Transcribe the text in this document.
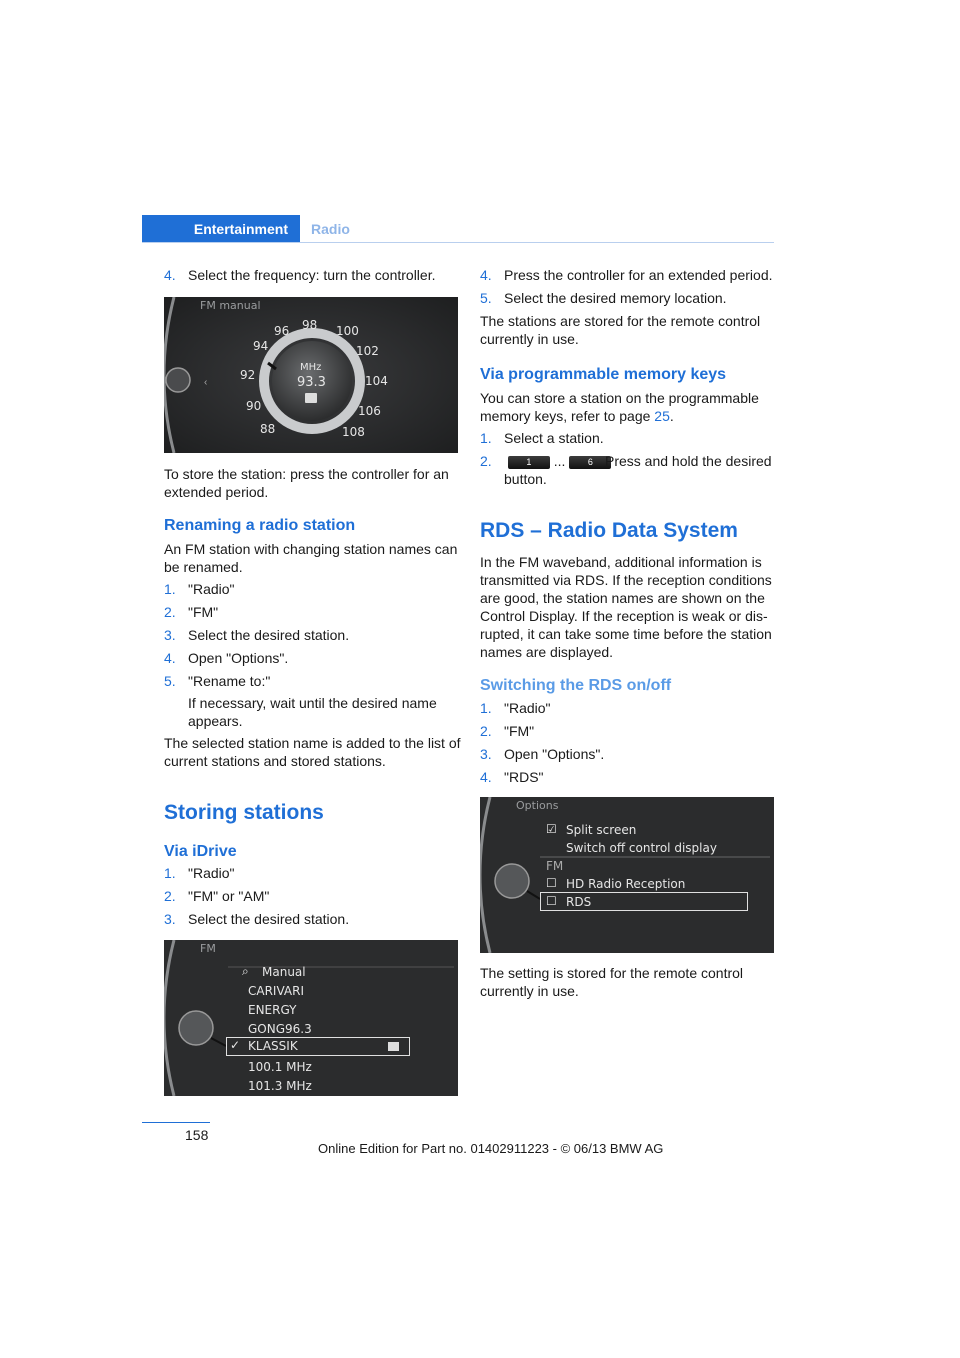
Entertainment	Radio
4. Select the frequency: turn the controller.
‹
FM manual
96 98 100
102
104
106
108
88
90
92
94
MHz
93.3
To store the station: press the controller for an extended period.
Renaming a radio station
An FM station with changing station names can be renamed.
1. "Radio"
2. "FM"
3. Select the desired station.
4. Open "Options".
5. "Rename to:"
If necessary, wait until the desired name appears.
The selected station name is added to the list of current stations and stored stations.
Storing stations
Via iDrive
1. "Radio"
2. "FM" or "AM"
3. Select the desired station.
FM
⌕ Manual
CARIVARI
ENERGY
GONG96.3
✓ KLASSIK
100.1 MHz
101.3 MHz
4. Press the controller for an extended period.
5. Select the desired memory location.
The stations are stored for the remote control currently in use.
Via programmable memory keys
You can store a station on the programmable memory keys, refer to page 25.
1. Select a station.
2.	1 ... 6 Press and hold the desired button.
RDS – Radio Data System
In the FM waveband, additional information is transmitted via RDS. If the reception conditions are good, the station names are shown on the Control Display. If the reception is weak or dis-rupted, it can take some time before the station names are displayed.
Switching the RDS on/off
1. "Radio"
2. "FM"
3. Open "Options".
4. "RDS"
Options
☑ Split screen
Switch off control display
FM
☐ HD Radio Reception
☐ RDS
The setting is stored for the remote control currently in use.
158
Online Edition for Part no. 01402911223 - © 06/13 BMW AG
